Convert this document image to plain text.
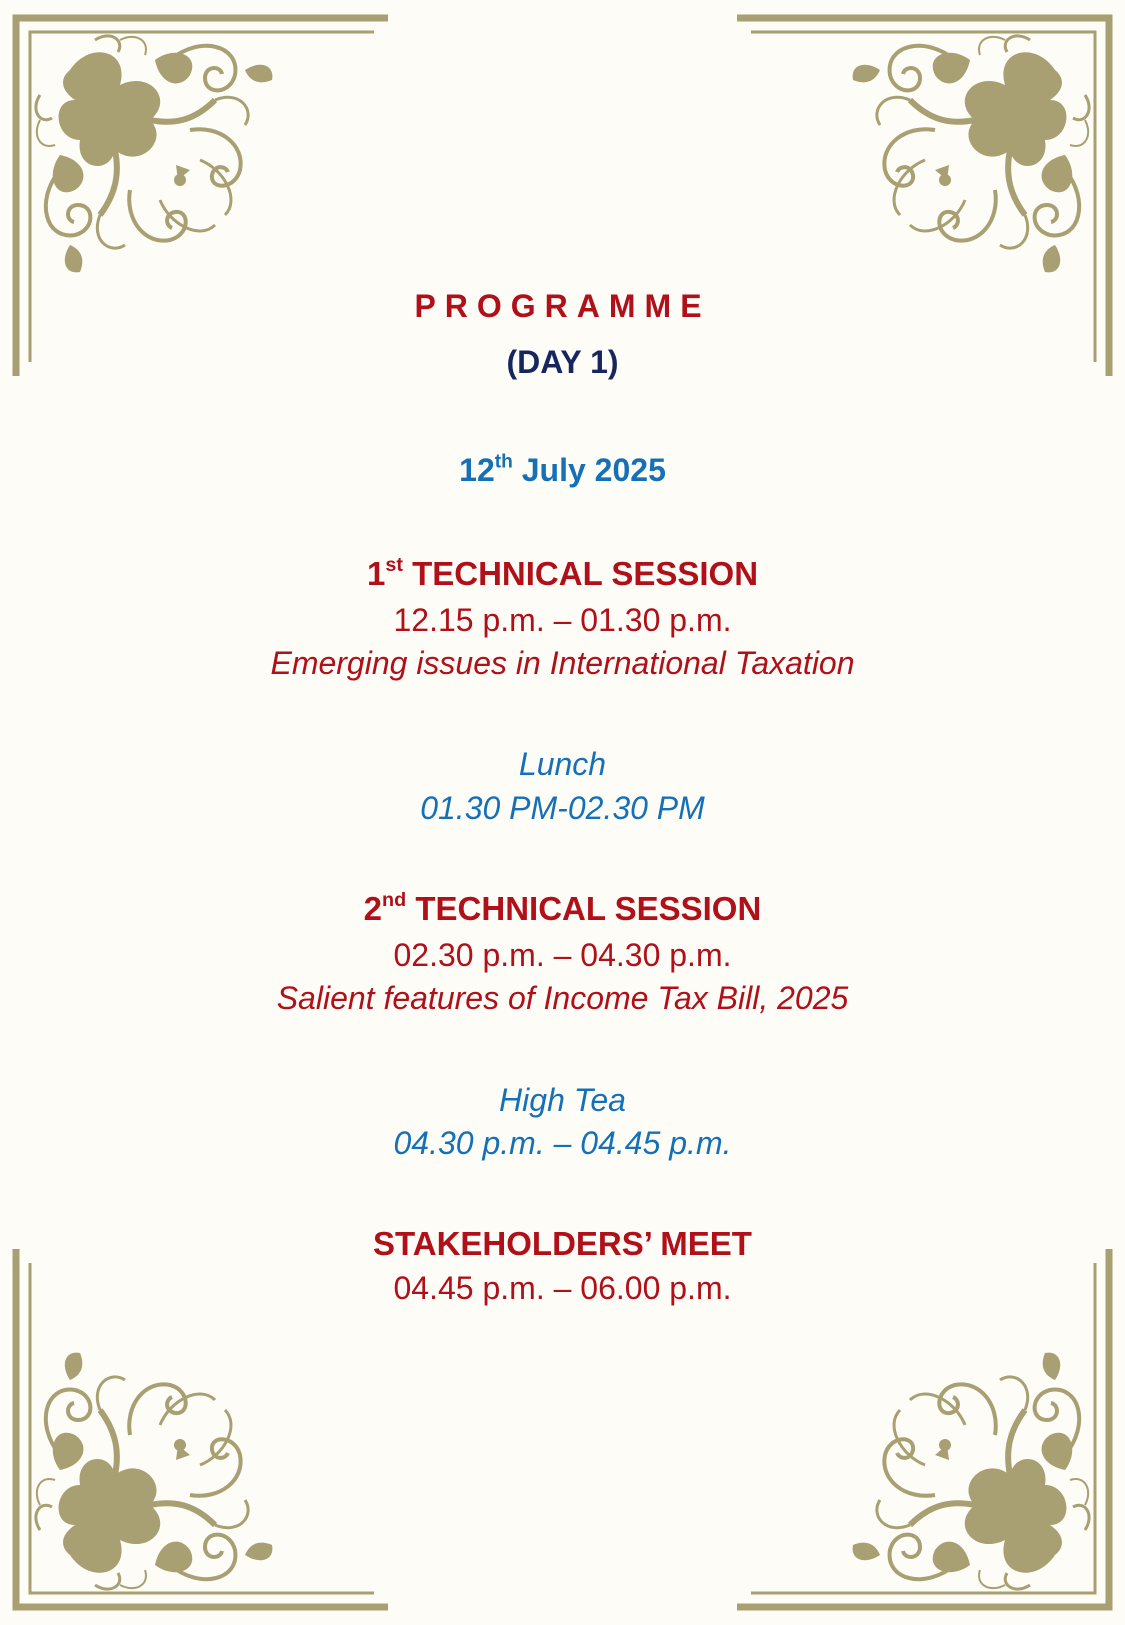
PROGRAMME
(DAY 1)
12th July 2025
1st TECHNICAL SESSION
12.15 p.m. – 01.30 p.m.
Emerging issues in International Taxation
Lunch
01.30 PM-02.30 PM
2nd TECHNICAL SESSION
02.30 p.m. – 04.30 p.m.
Salient features of Income Tax Bill, 2025
High Tea
04.30 p.m. – 04.45 p.m.
STAKEHOLDERS’ MEET
04.45 p.m. – 06.00 p.m.
